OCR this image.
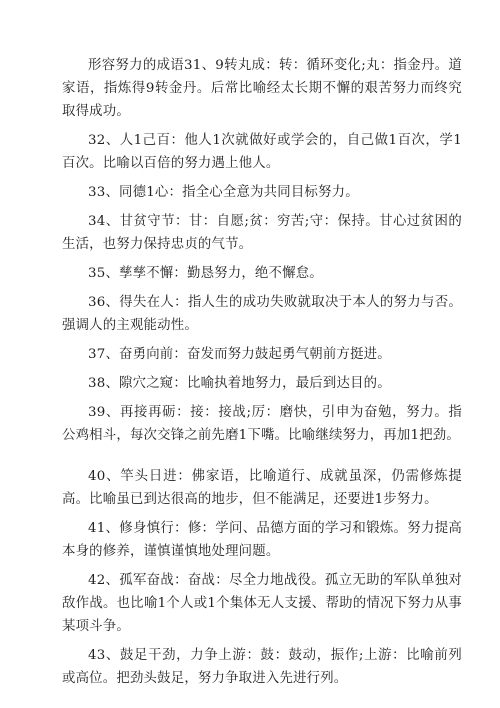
形容努力的成语31、9转丸成：转：循环变化;丸：指金丹。道家语，指炼得9转金丹。后常比喻经太长期不懈的艰苦努力而终究取得成功。

32、人1己百：他人1次就做好或学会的，自己做1百次，学1百次。比喻以百倍的努力遇上他人。

33、同德1心：指全心全意为共同目标努力。

34、甘贫守节：甘：自愿;贫：穷苦;守：保持。甘心过贫困的生活，也努力保持忠贞的气节。

35、孳孳不懈：勤恳努力，绝不懈怠。

36、得失在人：指人生的成功失败就取决于本人的努力与否。强调人的主观能动性。

37、奋勇向前：奋发而努力鼓起勇气朝前方挺进。

38、隙穴之窥：比喻执着地努力，最后到达目的。

39、再接再砺：接：接战;厉：磨快，引申为奋勉，努力。指公鸡相斗，每次交锋之前先磨1下嘴。比喻继续努力，再加1把劲。

40、竿头日进：佛家语，比喻道行、成就虽深，仍需修炼提高。比喻虽已到达很高的地步，但不能满足，还要进1步努力。

41、修身慎行：修：学问、品德方面的学习和锻炼。努力提高本身的修养，谨慎谨慎地处理问题。

42、孤军奋战：奋战：尽全力地战役。孤立无助的军队单独对敌作战。也比喻1个人或1个集体无人支援、帮助的情况下努力从事某项斗争。

43、鼓足干劲，力争上游：鼓：鼓动，振作;上游：比喻前列或高位。把劲头鼓足，努力争取进入先进行列。
